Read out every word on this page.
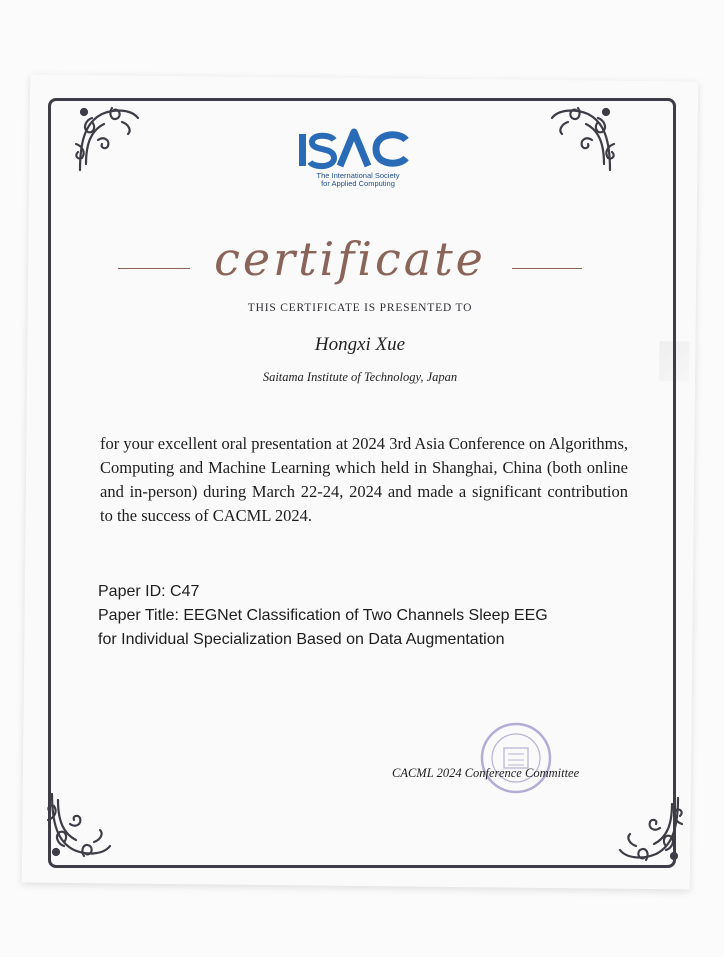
The International Society
for Applied Computing
certificate
THIS CERTIFICATE IS PRESENTED TO
Hongxi Xue
Saitama Institute of Technology, Japan
for your excellent oral presentation at 2024 3rd Asia Conference on Algorithms, Computing and Machine Learning which held in Shanghai, China (both online and in-person) during March 22-24, 2024 and made a significant contribution to the success of CACML 2024.
Paper ID: C47
Paper Title: EEGNet Classification of Two Channels Sleep EEG
for Individual Specialization Based on Data Augmentation
CACML 2024 Conference Committee
